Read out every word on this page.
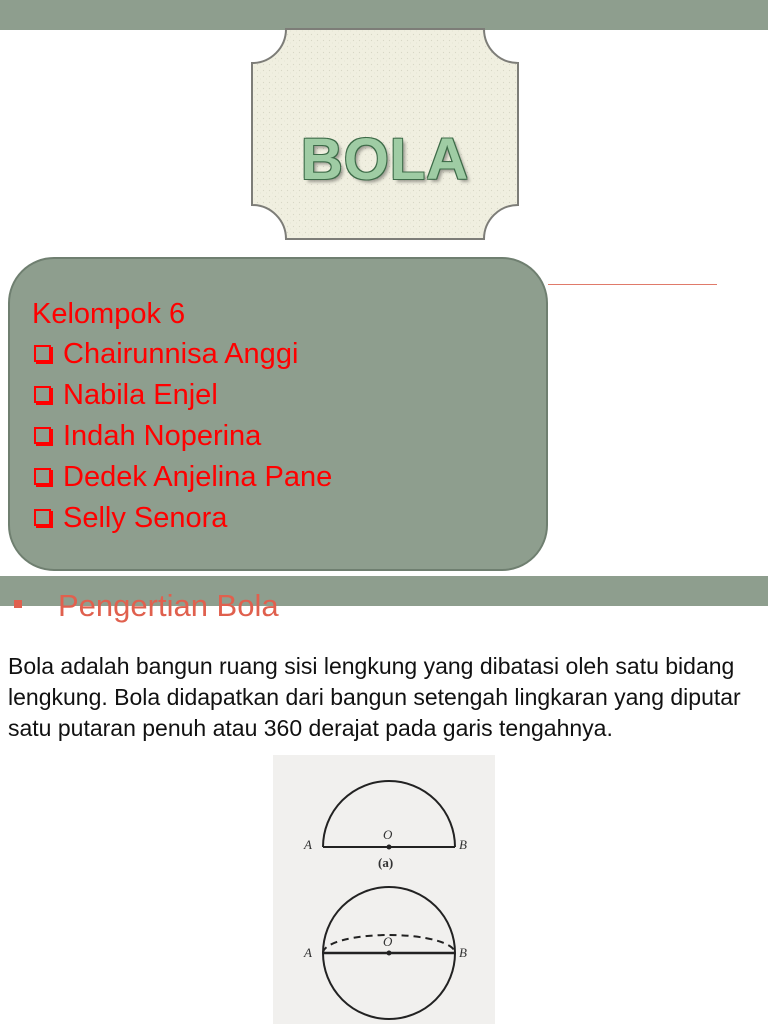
BOLA
Kelompok 6
Chairunnisa Anggi
Nabila Enjel
Indah Noperina
Dedek Anjelina Pane
Selly Senora
Pengertian Bola

Bola adalah bangun ruang sisi lengkung yang dibatasi oleh satu bidang lengkung. Bola didapatkan dari bangun setengah lingkaran yang diputar satu putaran penuh atau 360 derajat pada garis tengahnya.

A
O
B
(a)
A
O
B
